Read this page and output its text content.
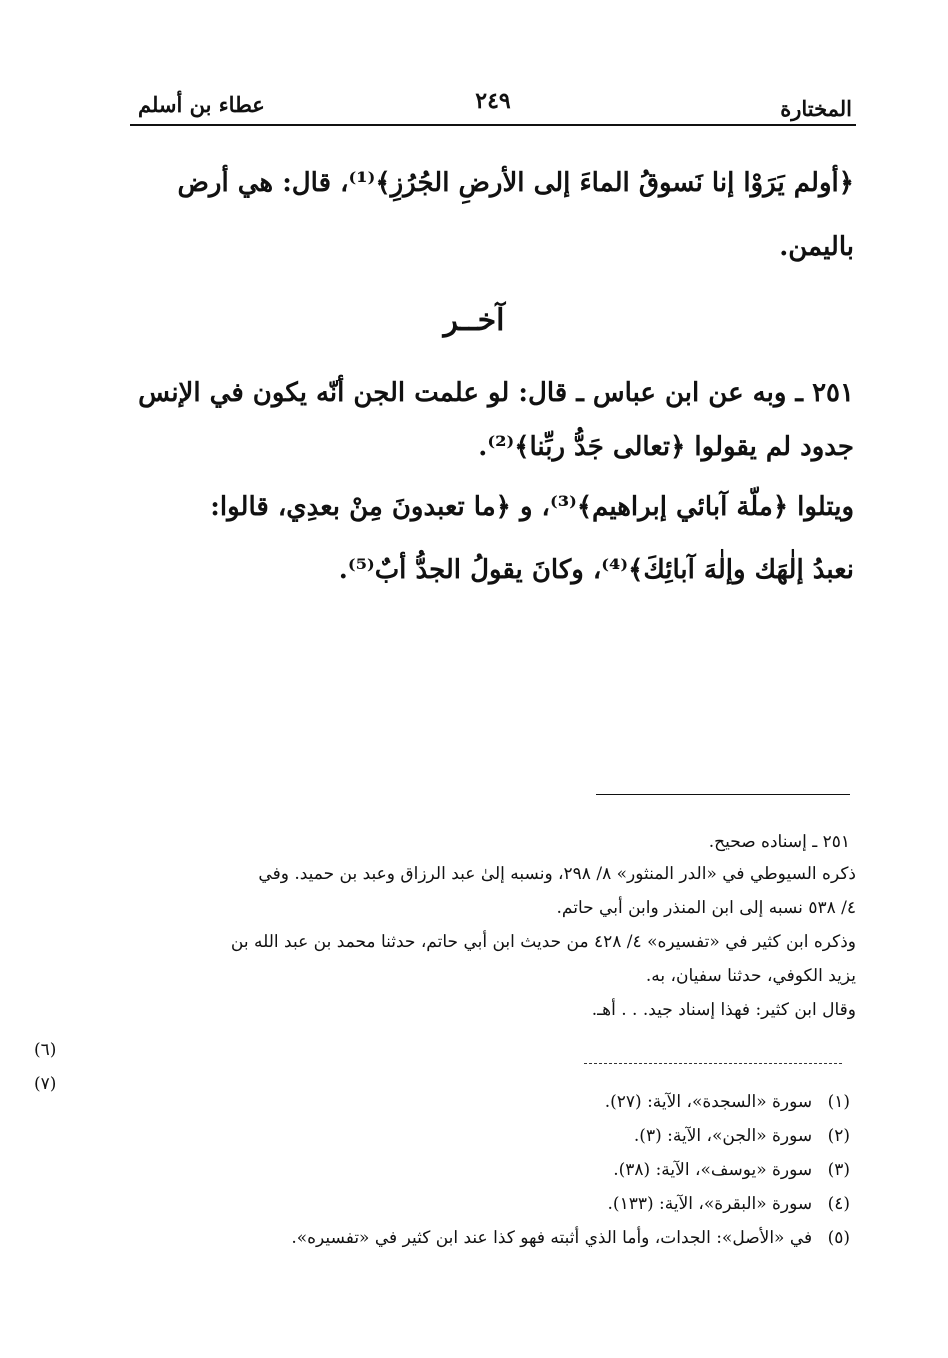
المختارة
٢٤٩
عطاء بن أسلم
﴿أولم يَرَوْا إنا نَسوقُ الماءَ إلى الأرضِ الجُرُزِ﴾⁽¹⁾، قال: هي أرض
باليمن.
آخــر
٢٥١ ـ وبه عن ابن عباس ـ قال: لو علمت الجن أنّه يكون في الإنس
جدود لم يقولوا ﴿تعالى جَدُّ ربِّنا﴾⁽²⁾.
ويتلوا ﴿ملّة آبائي إبراهيم﴾⁽³⁾، و ﴿ما تعبدونَ مِنْ بعدِي، قالوا:
نعبدُ إلٰهَك وإلٰهَ آبائِكَ﴾⁽⁴⁾، وكانَ يقولُ الجدُّ أبٌ⁽⁵⁾.
٢٥١ ـ إسناده صحيح.
ذكره السيوطي في «الدر المنثور» ٨/ ٢٩٨، ونسبه إلىٰ عبد الرزاق وعبد بن حميد. وفي
٤/ ٥٣٨ نسبه إلى ابن المنذر وابن أبي حاتم.
وذكره ابن كثير في «تفسيره» ٤/ ٤٢٨ من حديث ابن أبي حاتم، حدثنا محمد بن عبد الله بن
يزيد الكوفي، حدثنا سفيان، به.
وقال ابن كثير: فهذا إسناد جيد. . . أهـ.
(٦)
(٧)
(١) سورة «السجدة»، الآية: (٢٧).
(٢) سورة «الجن»، الآية: (٣).
(٣) سورة «يوسف»، الآية: (٣٨).
(٤) سورة «البقرة»، الآية: (١٣٣).
(٥) في «الأصل»: الجدات، وأما الذي أثبته فهو كذا عند ابن كثير في «تفسيره».
